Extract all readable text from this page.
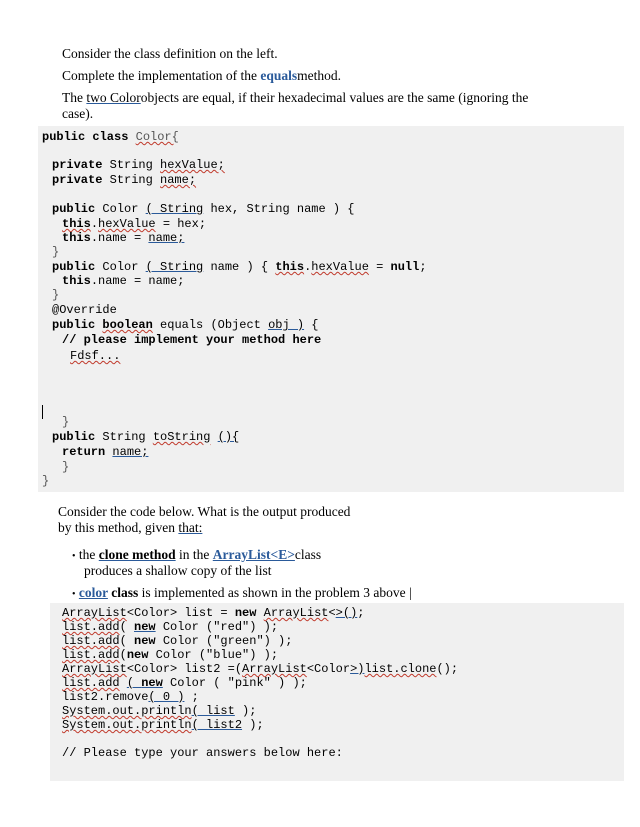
Consider the class definition on the left.

Complete the implementation of the equalsmethod.

The two Colorobjects are equal, if their hexadecimal values are the same (ignoring the

case).

public class Color{
private String hexValue;
private String name;
public Color ( String hex, String name ) {
this.hexValue = hex;
this.name = name;
}
public Color ( String name ) { this.hexValue = null;
this.name = name;
}
@Override
public boolean equals (Object obj ) {
// please implement your method here
Fdsf...
}
public String toString (){
return name;
}
}
Consider the code below. What is the output produced
by this method, given that:
• the clone method in the ArrayList<E>class
produces a shallow copy of the list
• color class is implemented as shown in the problem 3 above |
ArrayList<Color> list = new ArrayList<>();
list.add( new Color ("red") );
list.add( new Color ("green") );
list.add(new Color ("blue") );
ArrayList<Color> list2 =(ArrayList<Color>)list.clone();
list.add ( new Color ( "pink" ) );
list2.remove( 0 ) ;
System.out.println( list );
System.out.println( list2 );
// Please type your answers below here:
